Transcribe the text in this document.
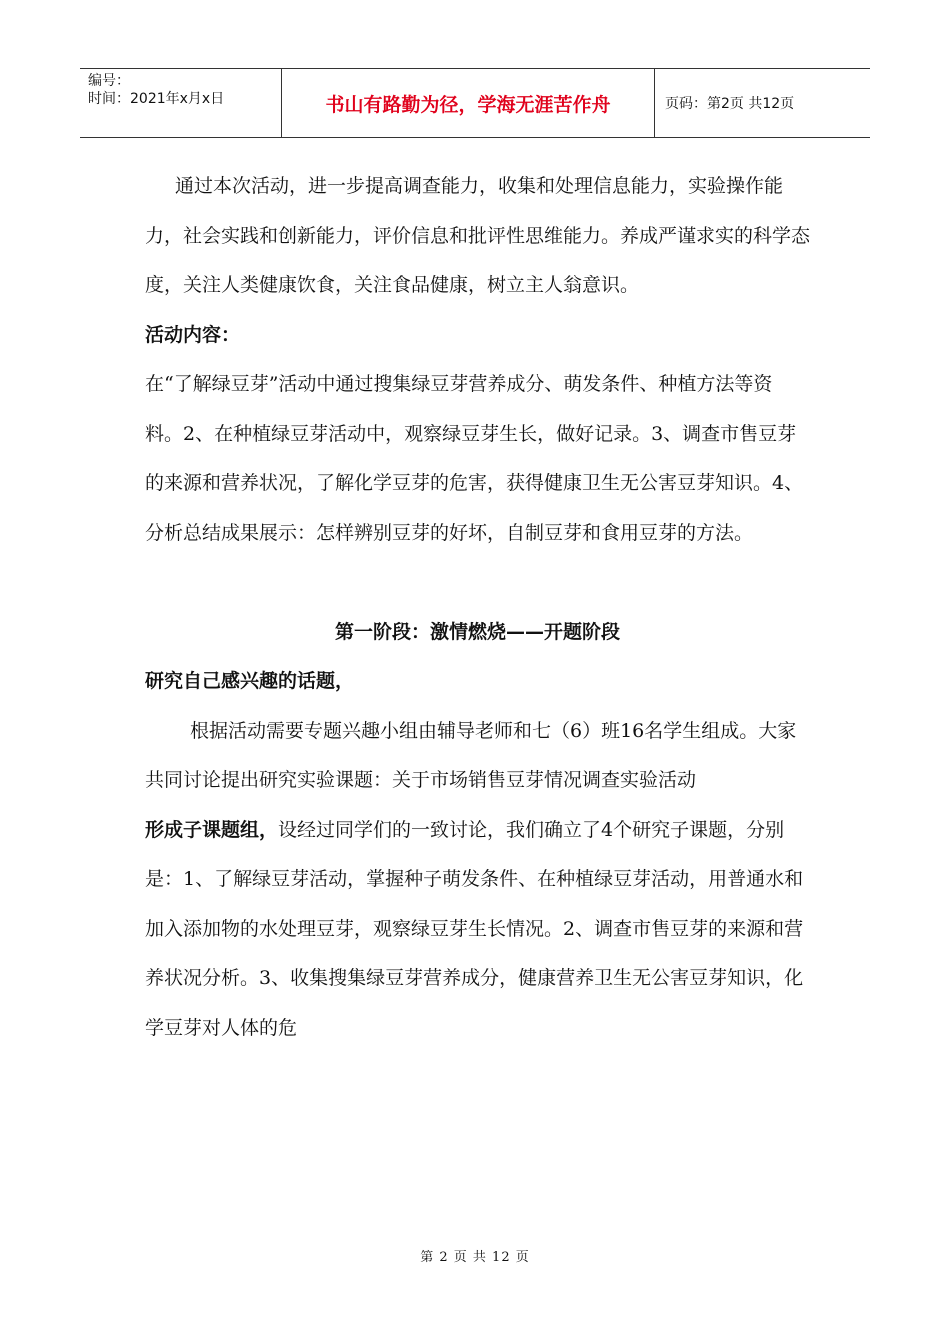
编号：
时间：2021年x月x日	书山有路勤为径，学海无涯苦作舟	页码：第2页 共12页

通过本次活动，进一步提高调查能力，收集和处理信息能力，实验操作能力，社会实践和创新能力，评价信息和批评性思维能力。养成严谨求实的科学态度，关注人类健康饮食，关注食品健康，树立主人翁意识。

活动内容：

在“了解绿豆芽”活动中通过搜集绿豆芽营养成分、萌发条件、种植方法等资料。2、在种植绿豆芽活动中，观察绿豆芽生长，做好记录。3、调查市售豆芽的来源和营养状况，了解化学豆芽的危害，获得健康卫生无公害豆芽知识。4、分析总结成果展示：怎样辨别豆芽的好坏，自制豆芽和食用豆芽的方法。

第一阶段：激情燃烧——开题阶段

研究自己感兴趣的话题，

根据活动需要专题兴趣小组由辅导老师和七（6）班16名学生组成。大家共同讨论提出研究实验课题：关于市场销售豆芽情况调查实验活动

形成子课题组，设经过同学们的一致讨论，我们确立了4个研究子课题，分别是：1、了解绿豆芽活动，掌握种子萌发条件、在种植绿豆芽活动，用普通水和加入添加物的水处理豆芽，观察绿豆芽生长情况。2、调查市售豆芽的来源和营养状况分析。3、收集搜集绿豆芽营养成分，健康营养卫生无公害豆芽知识，化学豆芽对人体的危

第 2 页 共 12 页
